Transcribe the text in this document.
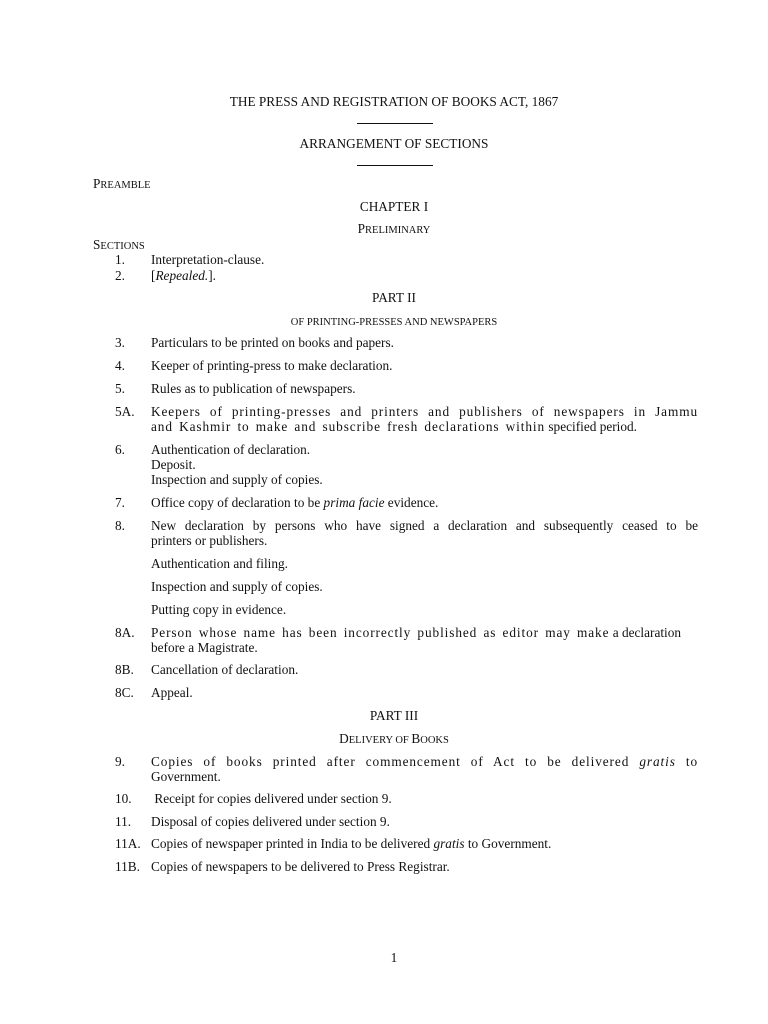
THE PRESS AND REGISTRATION OF BOOKS ACT, 1867
ARRANGEMENT OF SECTIONS
PREAMBLE
CHAPTER I
PRELIMINARY
SECTIONS
1. Interpretation-clause.
2. [Repealed.].
PART II
OF PRINTING-PRESSES AND NEWSPAPERS
3. Particulars to be printed on books and papers.
4. Keeper of printing-press to make declaration.
5. Rules as to publication of newspapers.
5A. Keepers of printing-presses and printers and publishers of newspapers in Jammu
and Kashmir to make and subscribe fresh declarations within specified period.
6. Authentication of declaration.
Deposit.
Inspection and supply of copies.
7. Office copy of declaration to be prima facie evidence.
8. New declaration by persons who have signed a declaration and subsequently ceased to be
printers or publishers.
Authentication and filing.
Inspection and supply of copies.
Putting copy in evidence.
8A. Person whose name has been incorrectly published as editor may make a declaration
before a Magistrate.
8B. Cancellation of declaration.
8C. Appeal.
PART III
DELIVERY OF BOOKS
9. Copies of books printed after commencement of Act to be delivered gratis to
Government.
10. Receipt for copies delivered under section 9.
11. Disposal of copies delivered under section 9.
11A. Copies of newspaper printed in India to be delivered gratis to Government.
11B. Copies of newspapers to be delivered to Press Registrar.
1
